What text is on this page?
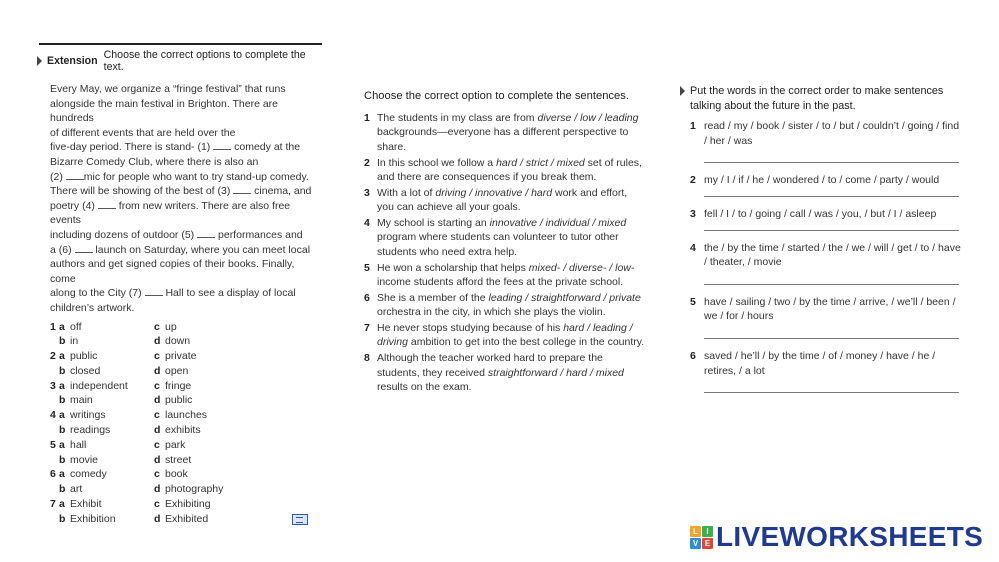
Extension Choose the correct options to complete the text.
Every May, we organize a “fringe festival” that runs
alongside the main festival in Brighton. There are hundreds
of different events that are held over the
five-day period. There is stand- (1)  comedy at the
Bizarre Comedy Club, where there is also an
(2) mic for people who want to try stand-up comedy.
There will be showing of the best of (3)  cinema, and
poetry (4)  from new writers. There are also free events
including dozens of outdoor (5)  performances and
a (6)  launch on Saturday, where you can meet local
authors and get signed copies of their books. Finally, come
along to the City (7)  Hall to see a display of local
children’s artwork.
1 a off	c up
b in	d down
2 a public	c private
b closed	d open
3 a independent	c fringe
b main	d public
4 a writings	c launches
b readings	d exhibits
5 a hall	c park
b movie	d street
6 a comedy	c book
b art	d photography
7 a Exhibit	c Exhibiting
b Exhibition	d Exhibited
Choose the correct option to complete the sentences.
1 The students in my class are from diverse / low / leading backgrounds—everyone has a different perspective to share.
2 In this school we follow a hard / strict / mixed set of rules, and there are consequences if you break them.
3 With a lot of driving / innovative / hard work and effort, you can achieve all your goals.
4 My school is starting an innovative / individual / mixed program where students can volunteer to tutor other students who need extra help.
5 He won a scholarship that helps mixed- / diverse- / low- income students afford the fees at the private school.
6 She is a member of the leading / straightforward / private orchestra in the city, in which she plays the violin.
7 He never stops studying because of his hard / leading / driving ambition to get into the best college in the country.
8 Although the teacher worked hard to prepare the students, they received straightforward / hard / mixed results on the exam.
Put the words in the correct order to make sentences talking about the future in the past.
1 read / my / book / sister / to / but / couldn’t / going / find / her / was
2 my / I / if / he / wondered / to / come / party / would
3 fell / I / to / going / call / was / you, / but / I / asleep
4 the / by the time / started / the / we / will / get / to / have / theater, / movie
5 have / sailing / two / by the time / arrive, / we’ll / been / we / for / hours
6 saved / he’ll / by the time / of / money / have / he / retires, / a lot
L	I
V E LIVEWORKSHEETS
